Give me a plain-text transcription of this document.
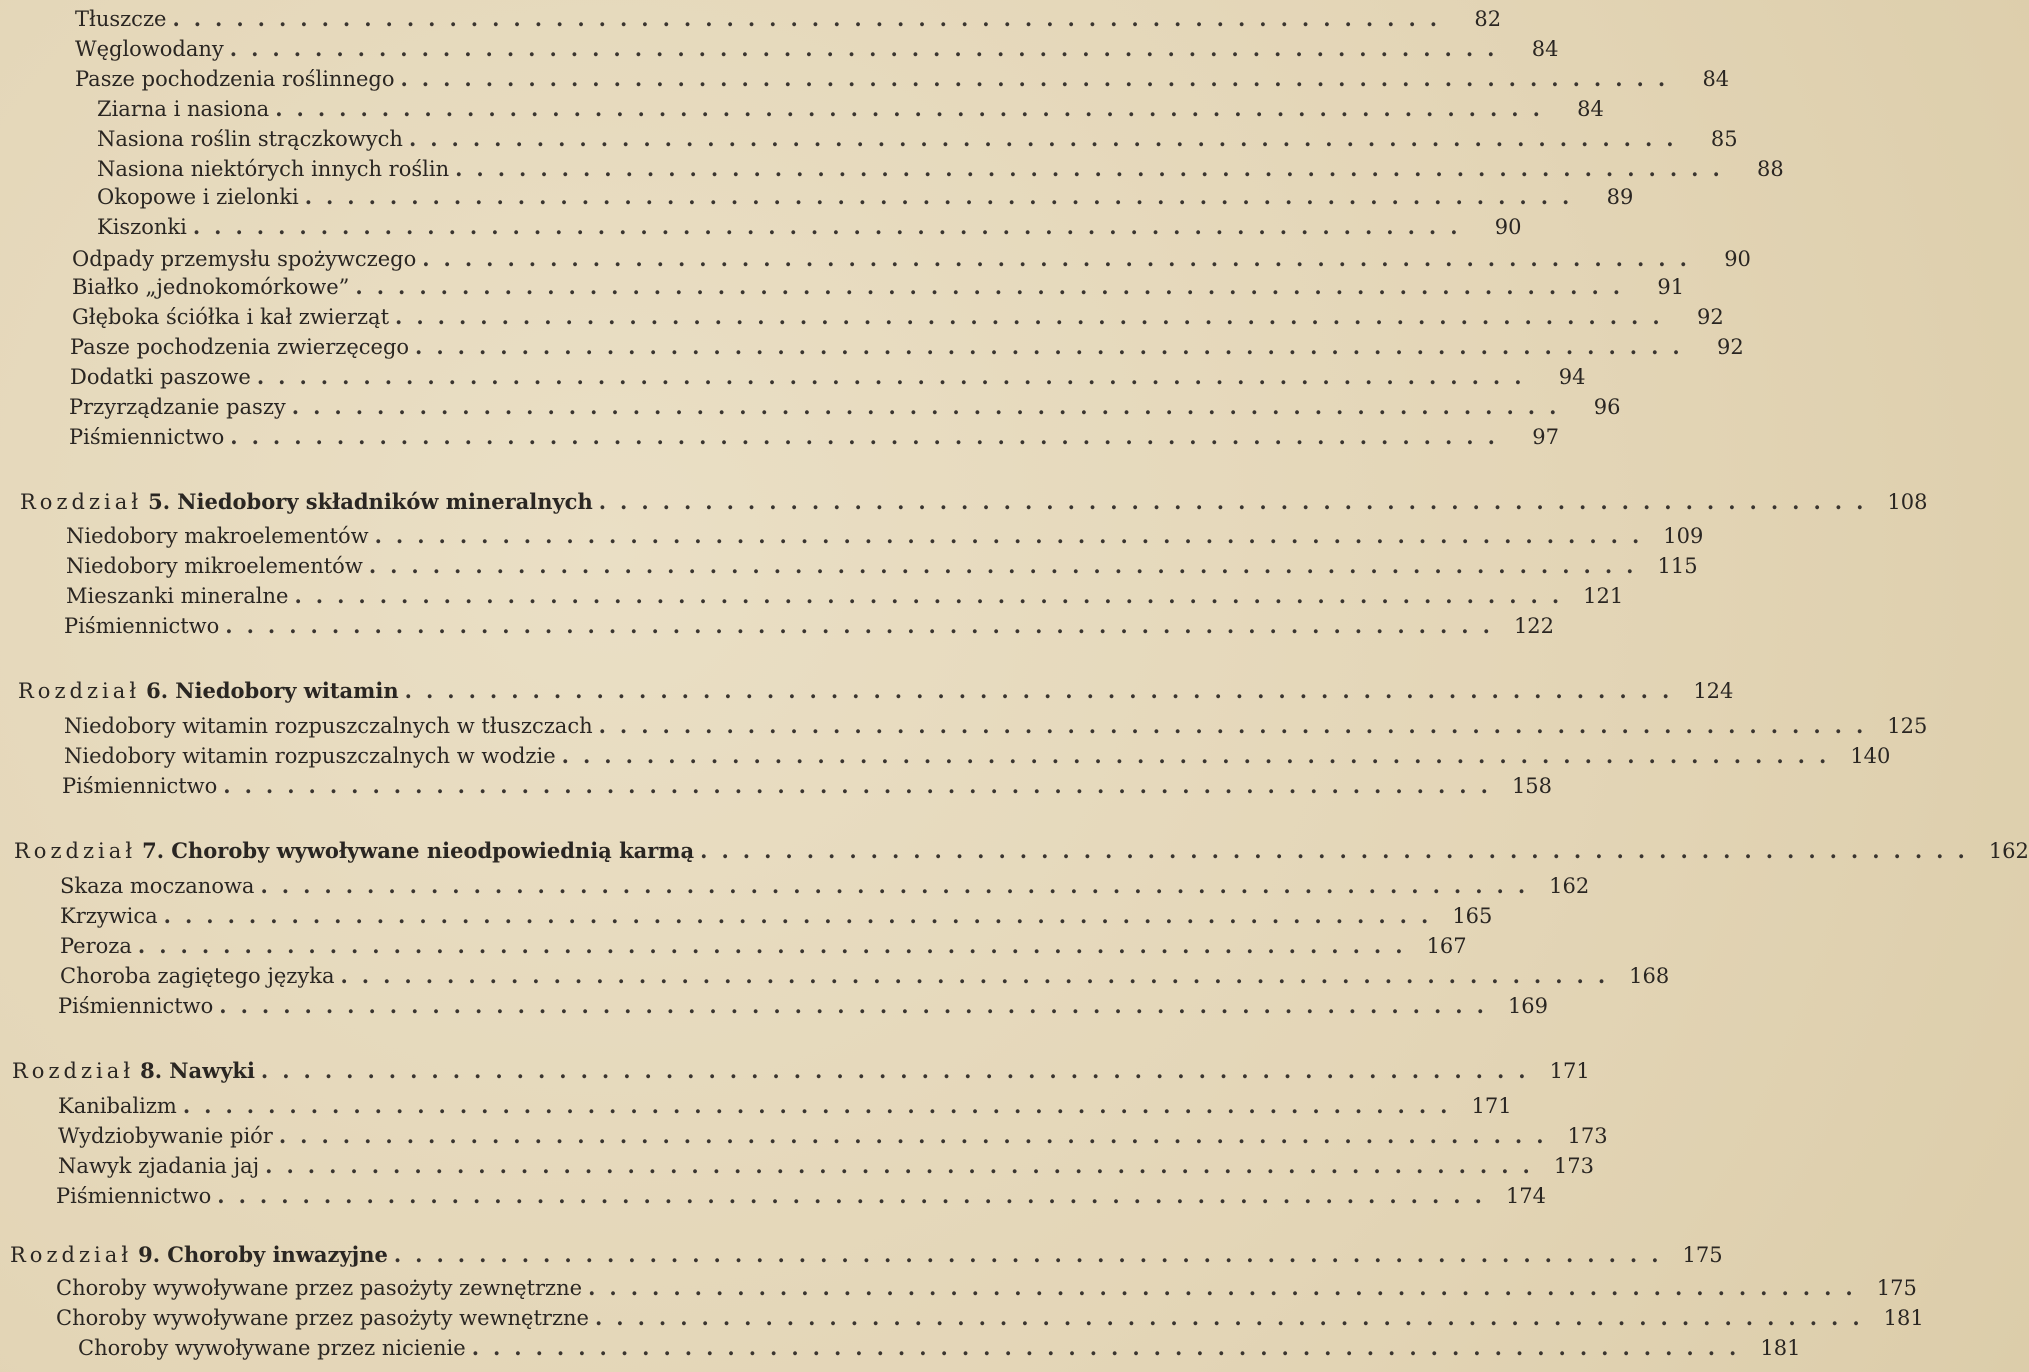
Tłuszcze ............................................................	82
Węglowodany ............................................................	84
Pasze pochodzenia roślinnego ............................................................	84
Ziarna i nasiona ............................................................	84
Nasiona roślin strączkowych ............................................................	85
Nasiona niektórych innych roślin ............................................................	88
Okopowe i zielonki ............................................................	89
Kiszonki ............................................................	90
Odpady przemysłu spożywczego ............................................................	90
Białko „jednokomórkowe” ............................................................	91
Głęboka ściółka i kał zwierząt ............................................................	92
Pasze pochodzenia zwierzęcego ............................................................	92
Dodatki paszowe ............................................................	94
Przyrządzanie paszy ............................................................	96
Piśmiennictwo ............................................................	97
Rozdział 5. Niedobory składników mineralnych ............................................................ 108
Niedobory makroelementów ............................................................ 109
Niedobory mikroelementów ............................................................ 115
Mieszanki mineralne ............................................................ 121
Piśmiennictwo ............................................................ 122
Rozdział 6. Niedobory witamin ............................................................ 124
Niedobory witamin rozpuszczalnych w tłuszczach ............................................................ 125
Niedobory witamin rozpuszczalnych w wodzie ............................................................ 140
Piśmiennictwo ............................................................ 158
Rozdział 7. Choroby wywoływane nieodpowiednią karmą ............................................................ 162
Skaza moczanowa ............................................................ 162
Krzywica ............................................................ 165
Peroza ............................................................ 167
Choroba zagiętego języka ............................................................ 168
Piśmiennictwo ............................................................ 169
Rozdział 8. Nawyki ............................................................ 171
Kanibalizm ............................................................ 171
Wydziobywanie piór ............................................................ 173
Nawyk zjadania jaj ............................................................ 173
Piśmiennictwo ............................................................ 174
Rozdział 9. Choroby inwazyjne ............................................................ 175
Choroby wywoływane przez pasożyty zewnętrzne ............................................................ 175
Choroby wywoływane przez pasożyty wewnętrzne ............................................................ 181
Choroby wywoływane przez nicienie ............................................................ 181
